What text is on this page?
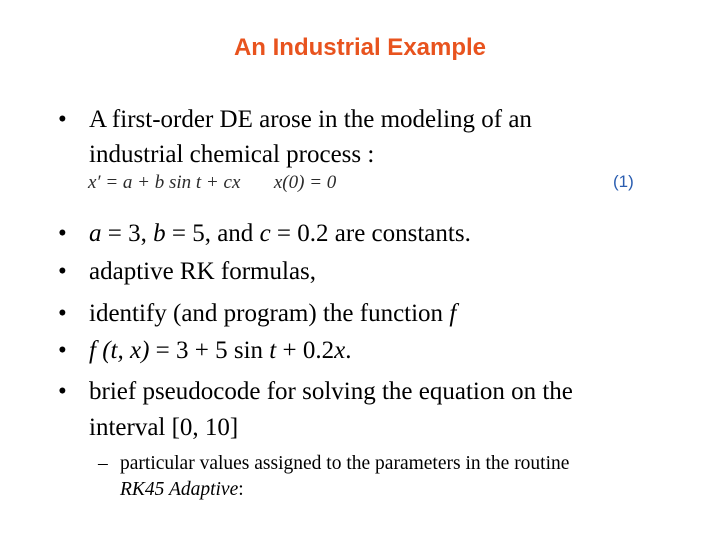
An Industrial Example
• A first-order DE arose in the modeling of an
industrial chemical process :
x′ = a + b sin t + cx x(0) = 0	(1)
• a = 3, b = 5, and c = 0.2 are constants.
• adaptive RK formulas,
• identify (and program) the function f
• f (t, x) = 3 + 5 sin t + 0.2x.
• brief pseudocode for solving the equation on the
interval [0, 10]
– particular values assigned to the parameters in the routine
RK45 Adaptive:
